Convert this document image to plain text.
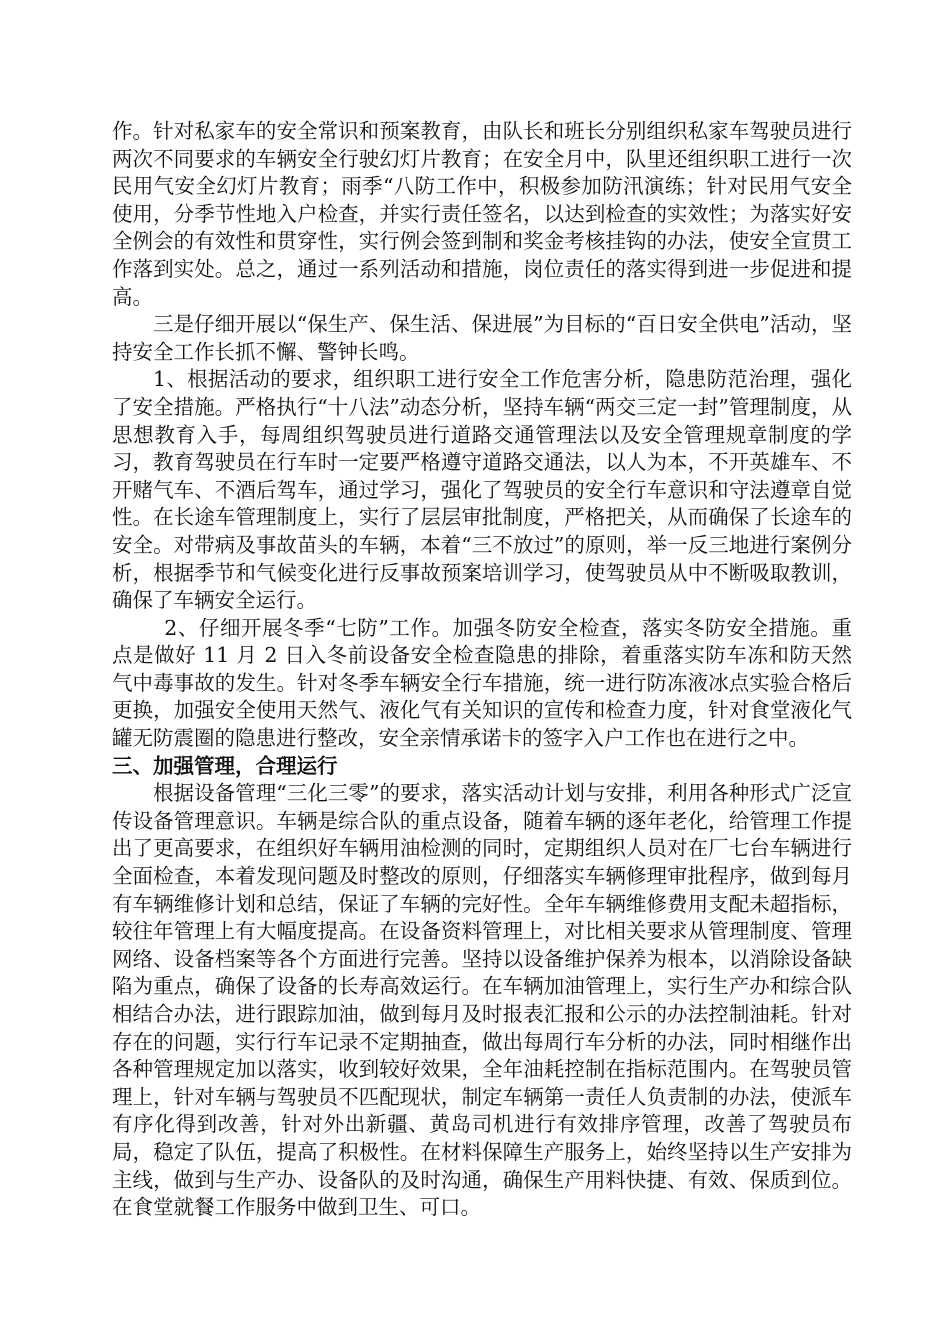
作。针对私家车的安全常识和预案教育，由队长和班长分别组织私家车驾驶员进行两次不同要求的车辆安全行驶幻灯片教育；在安全月中，队里还组织职工进行一次民用气安全幻灯片教育；雨季“八防工作中，积极参加防汛演练；针对民用气安全使用，分季节性地入户检查，并实行责任签名，以达到检查的实效性；为落实好安全例会的有效性和贯穿性，实行例会签到制和奖金考核挂钩的办法，使安全宣贯工作落到实处。总之，通过一系列活动和措施，岗位责任的落实得到进一步促进和提高。

三是仔细开展以“保生产、保生活、保进展”为目标的“百日安全供电”活动，坚持安全工作长抓不懈、警钟长鸣。

1、根据活动的要求，组织职工进行安全工作危害分析，隐患防范治理，强化了安全措施。严格执行“十八法”动态分析，坚持车辆“两交三定一封”管理制度，从思想教育入手，每周组织驾驶员进行道路交通管理法以及安全管理规章制度的学习，教育驾驶员在行车时一定要严格遵守道路交通法，以人为本，不开英雄车、不开赌气车、不酒后驾车，通过学习，强化了驾驶员的安全行车意识和守法遵章自觉性。在长途车管理制度上，实行了层层审批制度，严格把关，从而确保了长途车的安全。对带病及事故苗头的车辆，本着“三不放过”的原则，举一反三地进行案例分析，根据季节和气候变化进行反事故预案培训学习，使驾驶员从中不断吸取教训，确保了车辆安全运行。

2、仔细开展冬季“七防”工作。加强冬防安全检查，落实冬防安全措施。重点是做好 11 月 2 日入冬前设备安全检查隐患的排除，着重落实防车冻和防天然气中毒事故的发生。针对冬季车辆安全行车措施，统一进行防冻液冰点实验合格后更换，加强安全使用天然气、液化气有关知识的宣传和检查力度，针对食堂液化气罐无防震圈的隐患进行整改，安全亲情承诺卡的签字入户工作也在进行之中。

三、加强管理，合理运行

根据设备管理“三化三零”的要求，落实活动计划与安排，利用各种形式广泛宣传设备管理意识。车辆是综合队的重点设备，随着车辆的逐年老化，给管理工作提出了更高要求，在组织好车辆用油检测的同时，定期组织人员对在厂七台车辆进行全面检查，本着发现问题及时整改的原则，仔细落实车辆修理审批程序，做到每月有车辆维修计划和总结，保证了车辆的完好性。全年车辆维修费用支配未超指标，较往年管理上有大幅度提高。在设备资料管理上，对比相关要求从管理制度、管理网络、设备档案等各个方面进行完善。坚持以设备维护保养为根本，以消除设备缺陷为重点，确保了设备的长寿高效运行。在车辆加油管理上，实行生产办和综合队相结合办法，进行跟踪加油，做到每月及时报表汇报和公示的办法控制油耗。针对存在的问题，实行行车记录不定期抽查，做出每周行车分析的办法，同时相继作出各种管理规定加以落实，收到较好效果，全年油耗控制在指标范围内。在驾驶员管理上，针对车辆与驾驶员不匹配现状，制定车辆第一责任人负责制的办法，使派车有序化得到改善，针对外出新疆、黄岛司机进行有效排序管理，改善了驾驶员布局，稳定了队伍，提高了积极性。在材料保障生产服务上，始终坚持以生产安排为主线，做到与生产办、设备队的及时沟通，确保生产用料快捷、有效、保质到位。在食堂就餐工作服务中做到卫生、可口。
